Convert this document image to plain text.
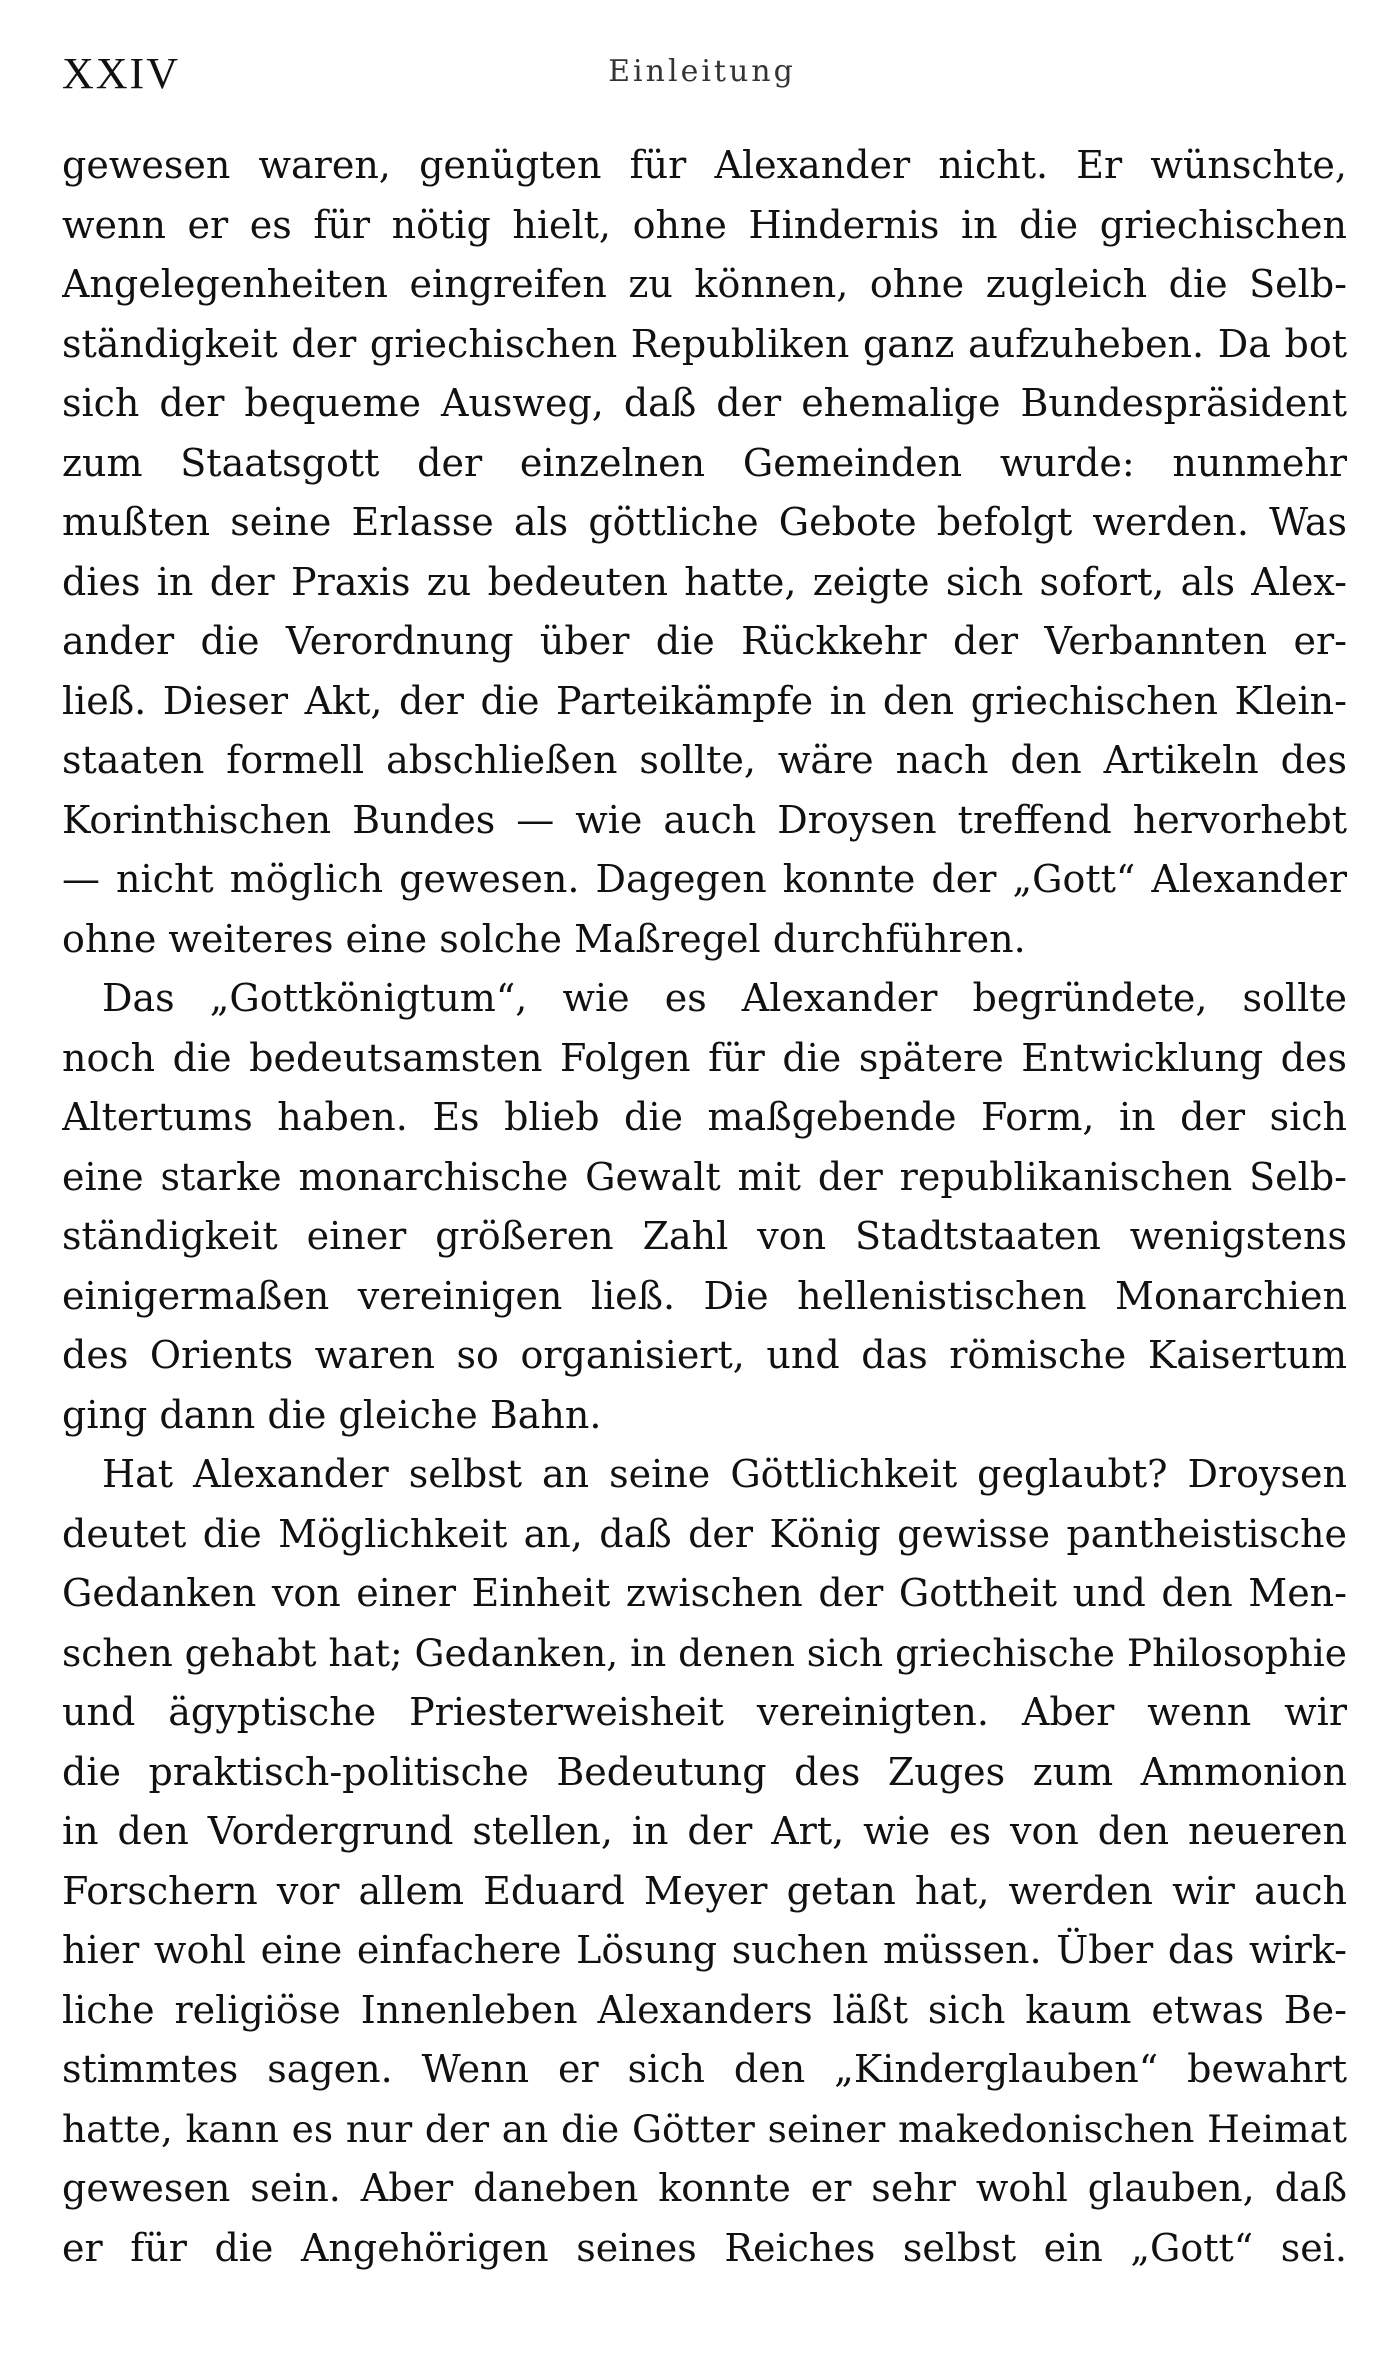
XXIV	Einleitung
gewesen waren, genügten für Alexander nicht. Er wünschte,
wenn er es für nötig hielt, ohne Hindernis in die griechischen
Angelegenheiten eingreifen zu können, ohne zugleich die Selb-
ständigkeit der griechischen Republiken ganz aufzuheben. Da bot
sich der bequeme Ausweg, daß der ehemalige Bundespräsident
zum Staatsgott der einzelnen Gemeinden wurde: nunmehr
mußten seine Erlasse als göttliche Gebote befolgt werden. Was
dies in der Praxis zu bedeuten hatte, zeigte sich sofort, als Alex-
ander die Verordnung über die Rückkehr der Verbannten er-
ließ. Dieser Akt, der die Parteikämpfe in den griechischen Klein-
staaten formell abschließen sollte, wäre nach den Artikeln des
Korinthischen Bundes — wie auch Droysen treffend hervorhebt
— nicht möglich gewesen. Dagegen konnte der „Gott“ Alexander
ohne weiteres eine solche Maßregel durchführen.
Das „Gottkönigtum“, wie es Alexander begründete, sollte
noch die bedeutsamsten Folgen für die spätere Entwicklung des
Altertums haben. Es blieb die maßgebende Form, in der sich
eine starke monarchische Gewalt mit der republikanischen Selb-
ständigkeit einer größeren Zahl von Stadtstaaten wenigstens
einigermaßen vereinigen ließ. Die hellenistischen Monarchien
des Orients waren so organisiert, und das römische Kaisertum
ging dann die gleiche Bahn.
Hat Alexander selbst an seine Göttlichkeit geglaubt? Droysen
deutet die Möglichkeit an, daß der König gewisse pantheistische
Gedanken von einer Einheit zwischen der Gottheit und den Men-
schen gehabt hat; Gedanken, in denen sich griechische Philosophie
und ägyptische Priesterweisheit vereinigten. Aber wenn wir
die praktisch-politische Bedeutung des Zuges zum Ammonion
in den Vordergrund stellen, in der Art, wie es von den neueren
Forschern vor allem Eduard Meyer getan hat, werden wir auch
hier wohl eine einfachere Lösung suchen müssen. Über das wirk-
liche religiöse Innenleben Alexanders läßt sich kaum etwas Be-
stimmtes sagen. Wenn er sich den „Kinderglauben“ bewahrt
hatte, kann es nur der an die Götter seiner makedonischen Heimat
gewesen sein. Aber daneben konnte er sehr wohl glauben, daß
er für die Angehörigen seines Reiches selbst ein „Gott“ sei.
